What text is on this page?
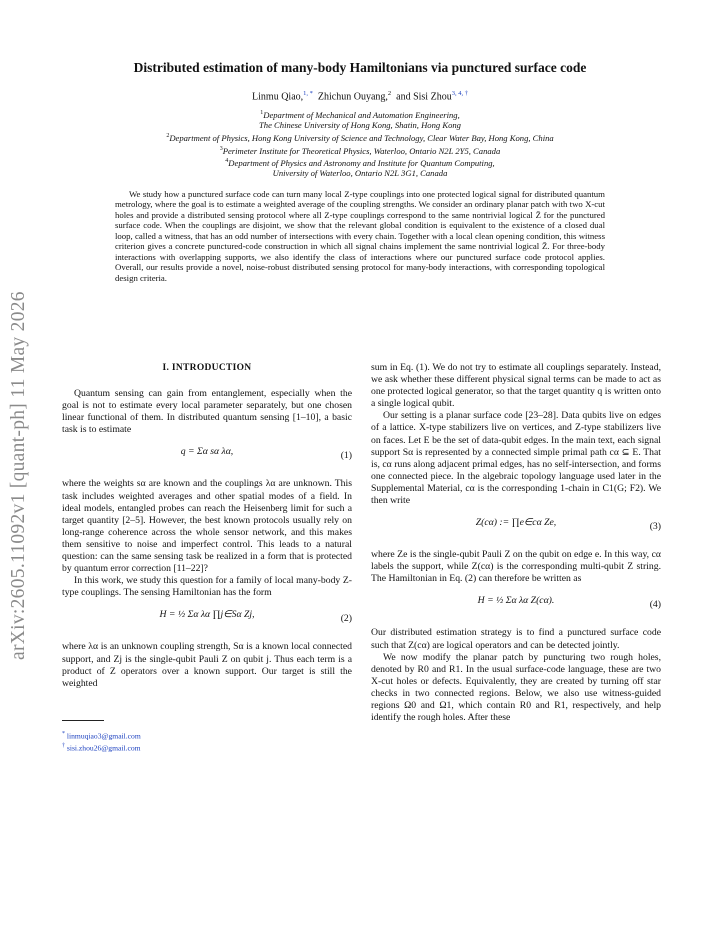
arXiv:2605.11092v1 [quant-ph] 11 May 2026
Distributed estimation of many-body Hamiltonians via punctured surface code
Linmu Qiao,$^{1, *}$ Zhichun Ouyang,$^2$ and Sisi Zhou$^{3, 4, \dagger}$
$^1$Department of Mechanical and Automation Engineering,
The Chinese University of Hong Kong, Shatin, Hong Kong
$^2$Department of Physics, Hong Kong University of Science and Technology, Clear Water Bay, Hong Kong, China
$^3$Perimeter Institute for Theoretical Physics, Waterloo, Ontario N2L 2Y5, Canada
$^4$Department of Physics and Astronomy and Institute for Quantum Computing,
University of Waterloo, Ontario N2L 3G1, Canada
We study how a punctured surface code can turn many local Z-type couplings into one protected logical signal for distributed quantum metrology, where the goal is to estimate a weighted average of the coupling strengths. We consider an ordinary planar patch with two X-cut holes and provide a distributed sensing protocol where all Z-type couplings correspond to the same nontrivial logical Z̄ for the punctured surface code. When the couplings are disjoint, we show that the relevant global condition is equivalent to the existence of a closed dual loop, called a witness, that has an odd number of intersections with every chain. Together with a local clean opening condition, this witness criterion gives a concrete punctured-code construction in which all signal chains implement the same nontrivial logical Z̄. For three-body interactions with overlapping supports, we also identify the class of interactions where our punctured surface code protocol applies. Overall, our results provide a novel, noise-robust distributed sensing protocol for many-body interactions, with corresponding topological design criteria.
I. INTRODUCTION

Quantum sensing can gain from entanglement, especially when the goal is not to estimate every local parameter separately, but one chosen linear functional of them. In distributed quantum sensing [1–10], a basic task is to estimate

q = Σα sα λα,	(1)

where the weights sα are known and the couplings λα are unknown. This task includes weighted averages and other spatial modes of a field. In ideal models, entangled probes can reach the Heisenberg limit for such a target quantity [2–5]. However, the best known protocols usually rely on long-range coherence across the whole sensor network, and this makes them sensitive to noise and imperfect control. This leads to a natural question: can the same sensing task be realized in a form that is protected by quantum error correction [11–22]?

In this work, we study this question for a family of local many-body Z-type couplings. The sensing Hamiltonian has the form

H = ½ Σα λα ∏j∈Sα Zj,	(2)

where λα is an unknown coupling strength, Sα is a known local connected support, and Zj is the single-qubit Pauli Z on qubit j. Thus each term is a product of Z operators over a known support. Our target is still the weighted

* linmuqiao3@gmail.com
† sisi.zhou26@gmail.com

sum in Eq. (1). We do not try to estimate all couplings separately. Instead, we ask whether these different physical signal terms can be made to act as one protected logical generator, so that the target quantity q is written onto a single logical qubit.

Our setting is a planar surface code [23–28]. Data qubits live on edges of a lattice. X-type stabilizers live on vertices, and Z-type stabilizers live on faces. Let E be the set of data-qubit edges. In the main text, each signal support Sα is represented by a connected simple primal path cα ⊆ E. That is, cα runs along adjacent primal edges, has no self-intersection, and forms one connected piece. In the algebraic topology language used later in the Supplemental Material, cα is the corresponding 1-chain in C1(G; F2). We then write

Z(cα) := ∏e∈cα Ze,	(3)

where Ze is the single-qubit Pauli Z on the qubit on edge e. In this way, cα labels the support, while Z(cα) is the corresponding multi-qubit Z string. The Hamiltonian in Eq. (2) can therefore be written as

H = ½ Σα λα Z(cα).	(4)

Our distributed estimation strategy is to find a punctured surface code such that Z(cα) are logical operators and can be detected jointly.

We now modify the planar patch by puncturing two rough holes, denoted by R0 and R1. In the usual surface-code language, these are two X-cut holes or defects. Equivalently, they are created by turning off star checks in two connected regions. Below, we also use witness-guided regions Ω0 and Ω1, which contain R0 and R1, respectively, and help identify the rough holes. After these
